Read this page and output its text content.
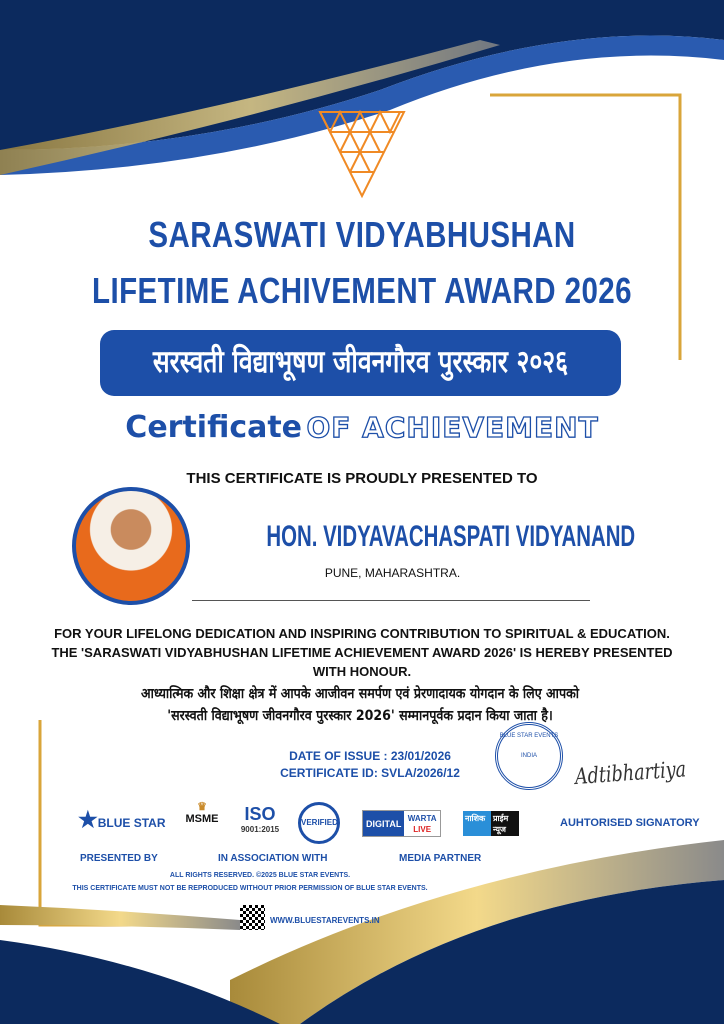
SARASWATI VIDYABHUSHAN
LIFETIME ACHIVEMENT AWARD 2026
सरस्वती विद्याभूषण जीवनगौरव पुरस्कार २०२६
Certificate OF ACHIEVEMENT
THIS CERTIFICATE IS PROUDLY PRESENTED TO
HON. VIDYAVACHASPATI VIDYANAND
PUNE, MAHARASHTRA.
FOR YOUR LIFELONG DEDICATION AND INSPIRING CONTRIBUTION TO SPIRITUAL & EDUCATION.
THE 'SARASWATI VIDYABHUSHAN LIFETIME ACHIEVEMENT AWARD 2026' IS HEREBY PRESENTED
WITH HONOUR.
आध्यात्मिक और शिक्षा क्षेत्र में आपके आजीवन समर्पण एवं प्रेरणादायक योगदान के लिए आपको
'सरस्वती विद्याभूषण जीवनगौरव पुरस्कार 2026' सम्मानपूर्वक प्रदान किया जाता है।
DATE OF ISSUE : 23/01/2026
CERTIFICATE ID: SVLA/2026/12
BLUE STAR EVENTS
INDIA
Adtibhartiya
AUHTORISED SIGNATORY
★BLUE STAR
♛
MSME ISO
9001:2015
VERIFIED	DIGITAL
WARTA
LIVE
नाशिक प्राईम
न्यूज
PRESENTED BY	IN ASSOCIATION WITH	MEDIA PARTNER
ALL RIGHTS RESERVED. ©2025 BLUE STAR EVENTS.
THIS CERTIFICATE MUST NOT BE REPRODUCED WITHOUT PRIOR PERMISSION OF BLUE STAR EVENTS.
WWW.BLUESTAREVENTS.IN
